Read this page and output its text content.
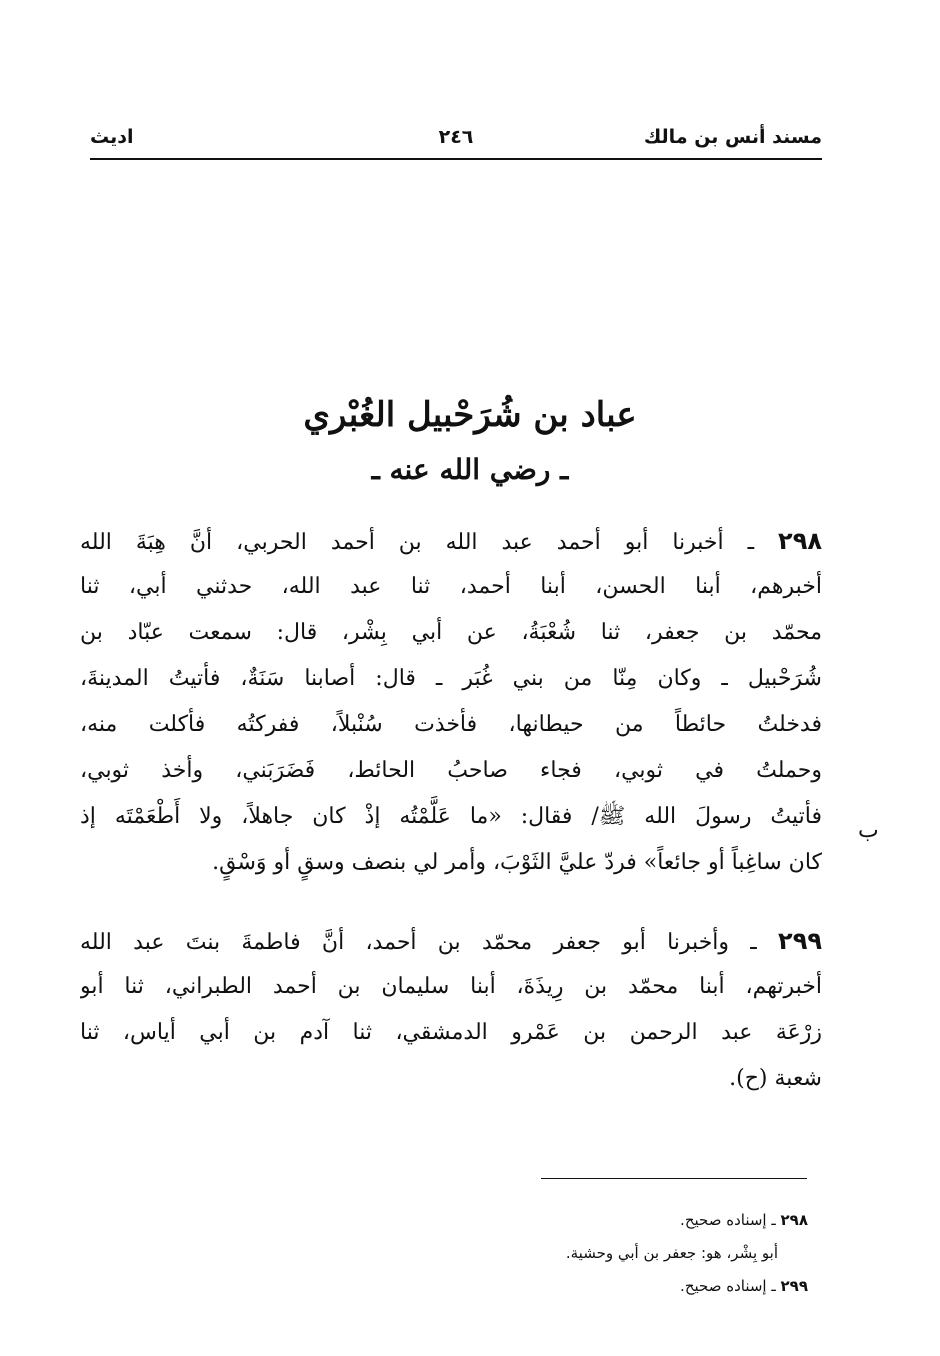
مسند أنس بن مالك
٢٤٦
اديث
عباد بن شُرَحْبيل الغُبْري
ـ رضي الله عنه ـ
٢٩٨ ـ أخبرنا أبو أحمد عبد الله بن أحمد الحربي، أنَّ هِبَةَ الله
أخبرهم، أبنا الحسن، أبنا أحمد، ثنا عبد الله، حدثني أبي، ثنا
محمّد بن جعفر، ثنا شُعْبَةُ، عن أبي بِشْر، قال: سمعت عبّاد بن
شُرَحْبيل ـ وكان مِنّا من بني غُبَر ـ قال: أصابنا سَنَةٌ، فأتيتُ المدينةَ،
فدخلتُ حائطاً من حيطانها، فأخذت سُنْبلاً، ففركتُه فأكلت منه،
وحملتُ في ثوبي، فجاء صاحبُ الحائط، فَضَرَبَني، وأخذ ثوبي،
فأتيتُ رسولَ الله ﷺ/ فقال: «ما عَلَّمْتُه إذْ كان جاهلاً، ولا أَطْعَمْتَه إذ
كان ساغِباً أو جائعاً» فردّ عليَّ الثَوْبَ، وأمر لي بنصف وسقٍ أو وَسْقٍ.
ب
٢٩٩ ـ وأخبرنا أبو جعفر محمّد بن أحمد، أنَّ فاطمةَ بنتَ عبد الله
أخبرتهم، أبنا محمّد بن رِيذَةَ، أبنا سليمان بن أحمد الطبراني، ثنا أبو
زرْعَة عبد الرحمن بن عَمْرو الدمشقي، ثنا آدم بن أبي أياس، ثنا
شعبة (ح).
٢٩٨ ـ إسناده صحيح.
أبو بِشْر، هو: جعفر بن أبي وحشية.
٢٩٩ ـ إسناده صحيح.
